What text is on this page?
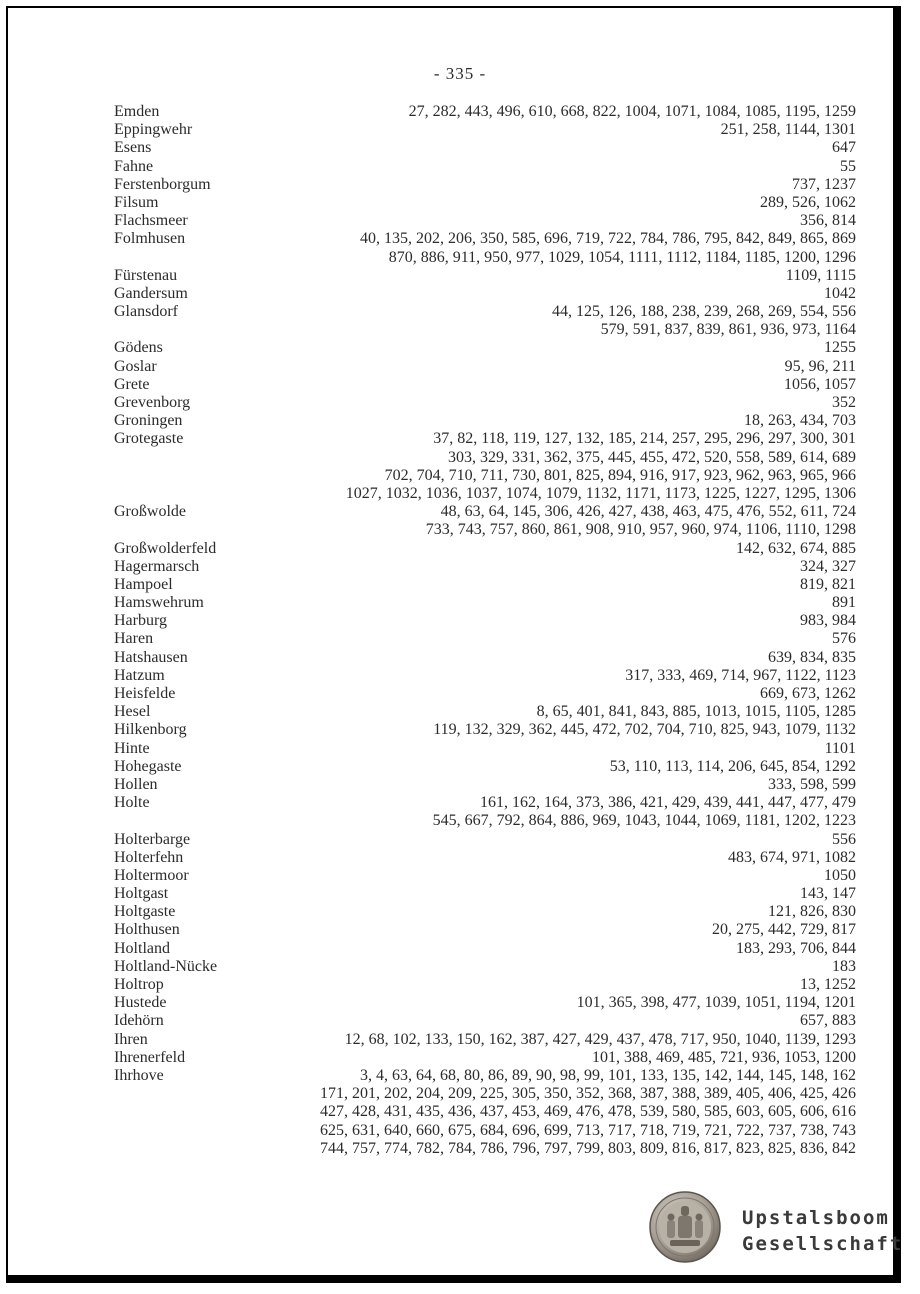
- 335 -
Emden	27, 282, 443, 496, 610, 668, 822, 1004, 1071, 1084, 1085, 1195, 1259
Eppingwehr	251, 258, 1144, 1301
Esens	647
Fahne	55
Ferstenborgum	737, 1237
Filsum	289, 526, 1062
Flachsmeer	356, 814
Folmhusen	40, 135, 202, 206, 350, 585, 696, 719, 722, 784, 786, 795, 842, 849, 865, 869
870, 886, 911, 950, 977, 1029, 1054, 1111, 1112, 1184, 1185, 1200, 1296
Fürstenau	1109, 1115
Gandersum	1042
Glansdorf	44, 125, 126, 188, 238, 239, 268, 269, 554, 556
579, 591, 837, 839, 861, 936, 973, 1164
Gödens	1255
Goslar	95, 96, 211
Grete	1056, 1057
Grevenborg	352
Groningen	18, 263, 434, 703
Grotegaste	37, 82, 118, 119, 127, 132, 185, 214, 257, 295, 296, 297, 300, 301
303, 329, 331, 362, 375, 445, 455, 472, 520, 558, 589, 614, 689
702, 704, 710, 711, 730, 801, 825, 894, 916, 917, 923, 962, 963, 965, 966
1027, 1032, 1036, 1037, 1074, 1079, 1132, 1171, 1173, 1225, 1227, 1295, 1306
Großwolde	48, 63, 64, 145, 306, 426, 427, 438, 463, 475, 476, 552, 611, 724
733, 743, 757, 860, 861, 908, 910, 957, 960, 974, 1106, 1110, 1298
Großwolderfeld	142, 632, 674, 885
Hagermarsch	324, 327
Hampoel	819, 821
Hamswehrum	891
Harburg	983, 984
Haren	576
Hatshausen	639, 834, 835
Hatzum	317, 333, 469, 714, 967, 1122, 1123
Heisfelde	669, 673, 1262
Hesel	8, 65, 401, 841, 843, 885, 1013, 1015, 1105, 1285
Hilkenborg	119, 132, 329, 362, 445, 472, 702, 704, 710, 825, 943, 1079, 1132
Hinte	1101
Hohegaste	53, 110, 113, 114, 206, 645, 854, 1292
Hollen	333, 598, 599
Holte	161, 162, 164, 373, 386, 421, 429, 439, 441, 447, 477, 479
545, 667, 792, 864, 886, 969, 1043, 1044, 1069, 1181, 1202, 1223
Holterbarge	556
Holterfehn	483, 674, 971, 1082
Holtermoor	1050
Holtgast	143, 147
Holtgaste	121, 826, 830
Holthusen	20, 275, 442, 729, 817
Holtland	183, 293, 706, 844
Holtland-Nücke	183
Holtrop	13, 1252
Hustede	101, 365, 398, 477, 1039, 1051, 1194, 1201
Idehörn	657, 883
Ihren	12, 68, 102, 133, 150, 162, 387, 427, 429, 437, 478, 717, 950, 1040, 1139, 1293
Ihrenerfeld	101, 388, 469, 485, 721, 936, 1053, 1200
Ihrhove	3, 4, 63, 64, 68, 80, 86, 89, 90, 98, 99, 101, 133, 135, 142, 144, 145, 148, 162
171, 201, 202, 204, 209, 225, 305, 350, 352, 368, 387, 388, 389, 405, 406, 425, 426
427, 428, 431, 435, 436, 437, 453, 469, 476, 478, 539, 580, 585, 603, 605, 606, 616
625, 631, 640, 660, 675, 684, 696, 699, 713, 717, 718, 719, 721, 722, 737, 738, 743
744, 757, 774, 782, 784, 786, 796, 797, 799, 803, 809, 816, 817, 823, 825, 836, 842
Upstalsboom
Gesellschaft
